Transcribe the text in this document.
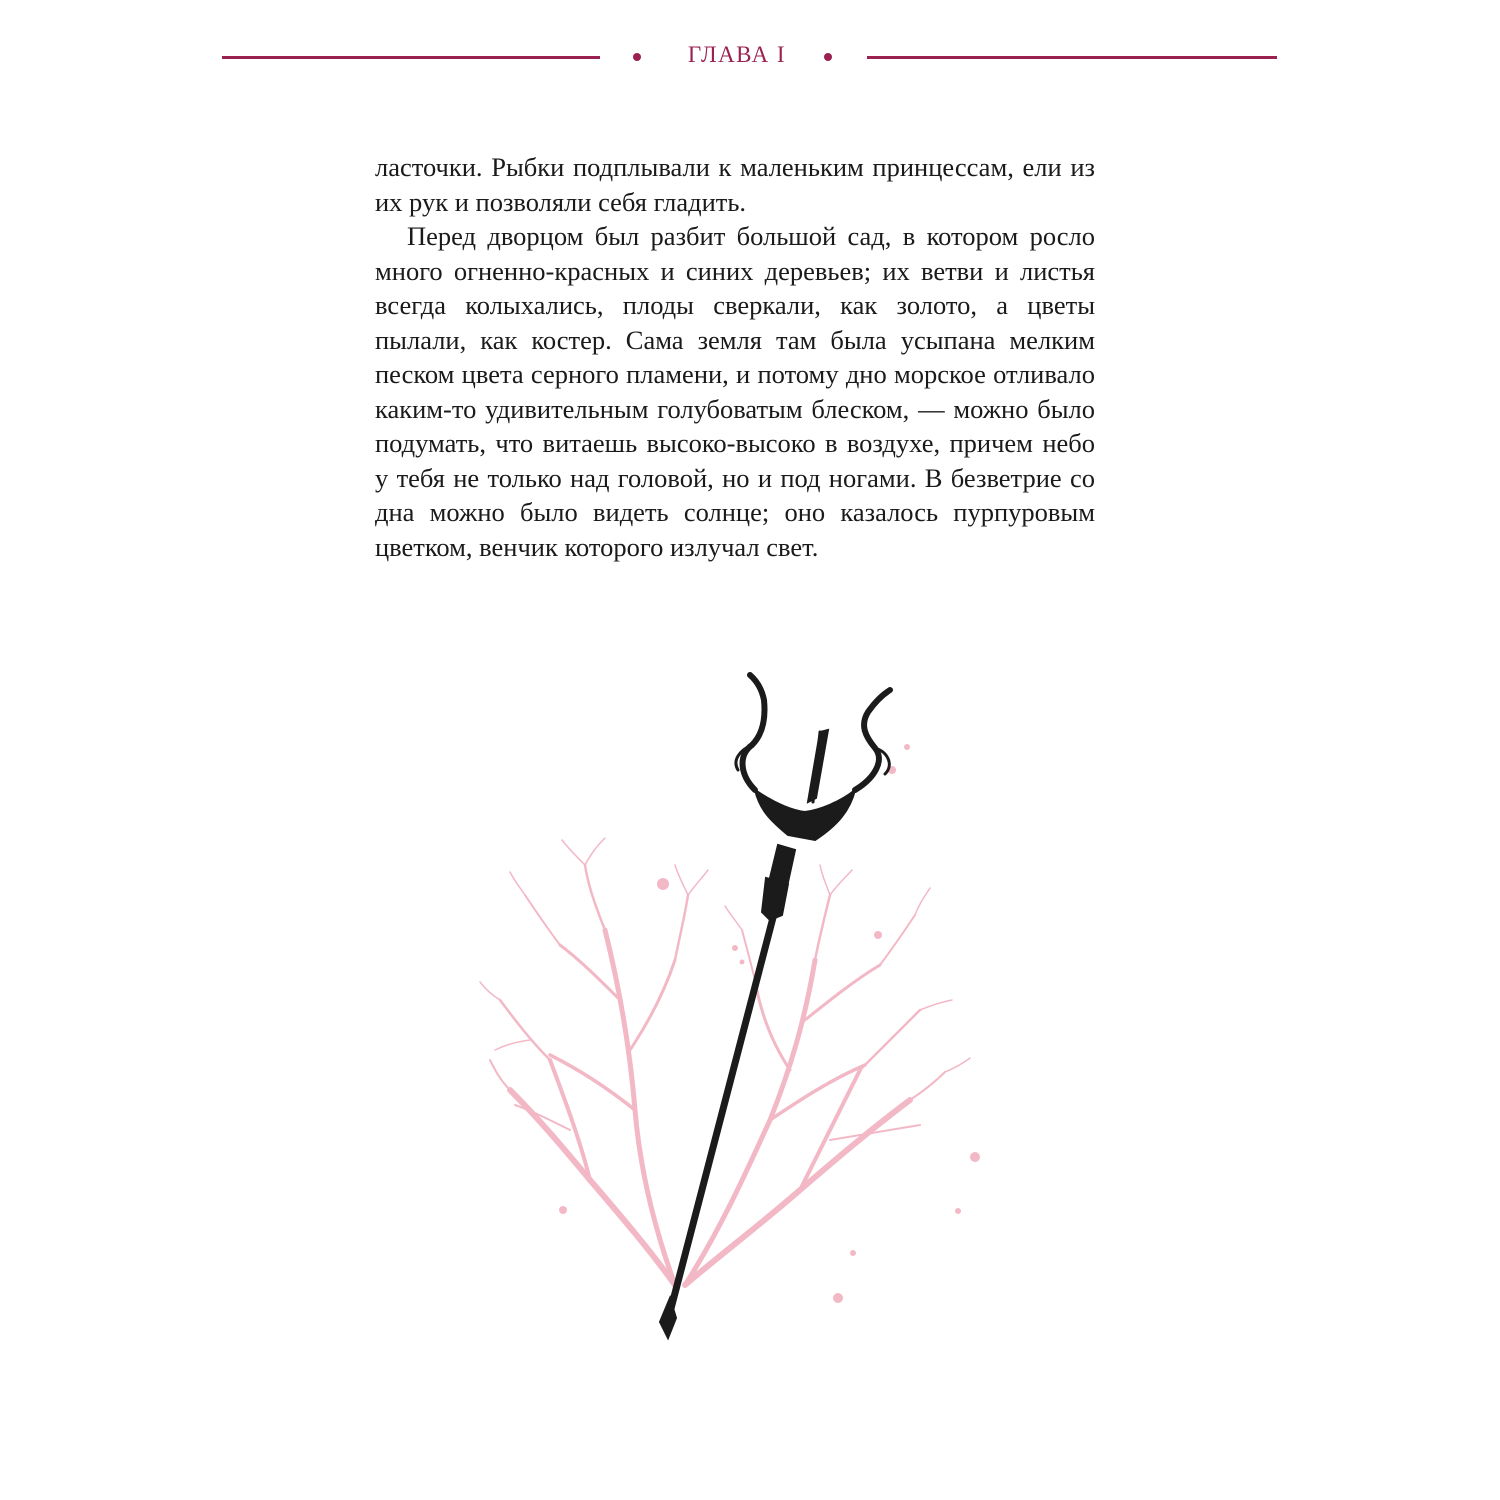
ГЛАВА I

ласточки. Рыбки подплывали к маленьким принцессам, ели из их рук и позволяли себя гладить.

Перед дворцом был разбит большой сад, в котором росло много огненно-красных и синих деревьев; их ветви и листья всегда колыхались, плоды сверкали, как золото, а цветы пылали, как костер. Сама земля там была усыпана мелким песком цвета серного пламени, и потому дно морское отливало каким-то удивительным голубоватым блеском, — можно было подумать, что витаешь высоко-высоко в воздухе, причем небо у тебя не только над головой, но и под ногами. В безветрие со дна можно было видеть солнце; оно казалось пурпуровым цветком, венчик которого излучал свет.
